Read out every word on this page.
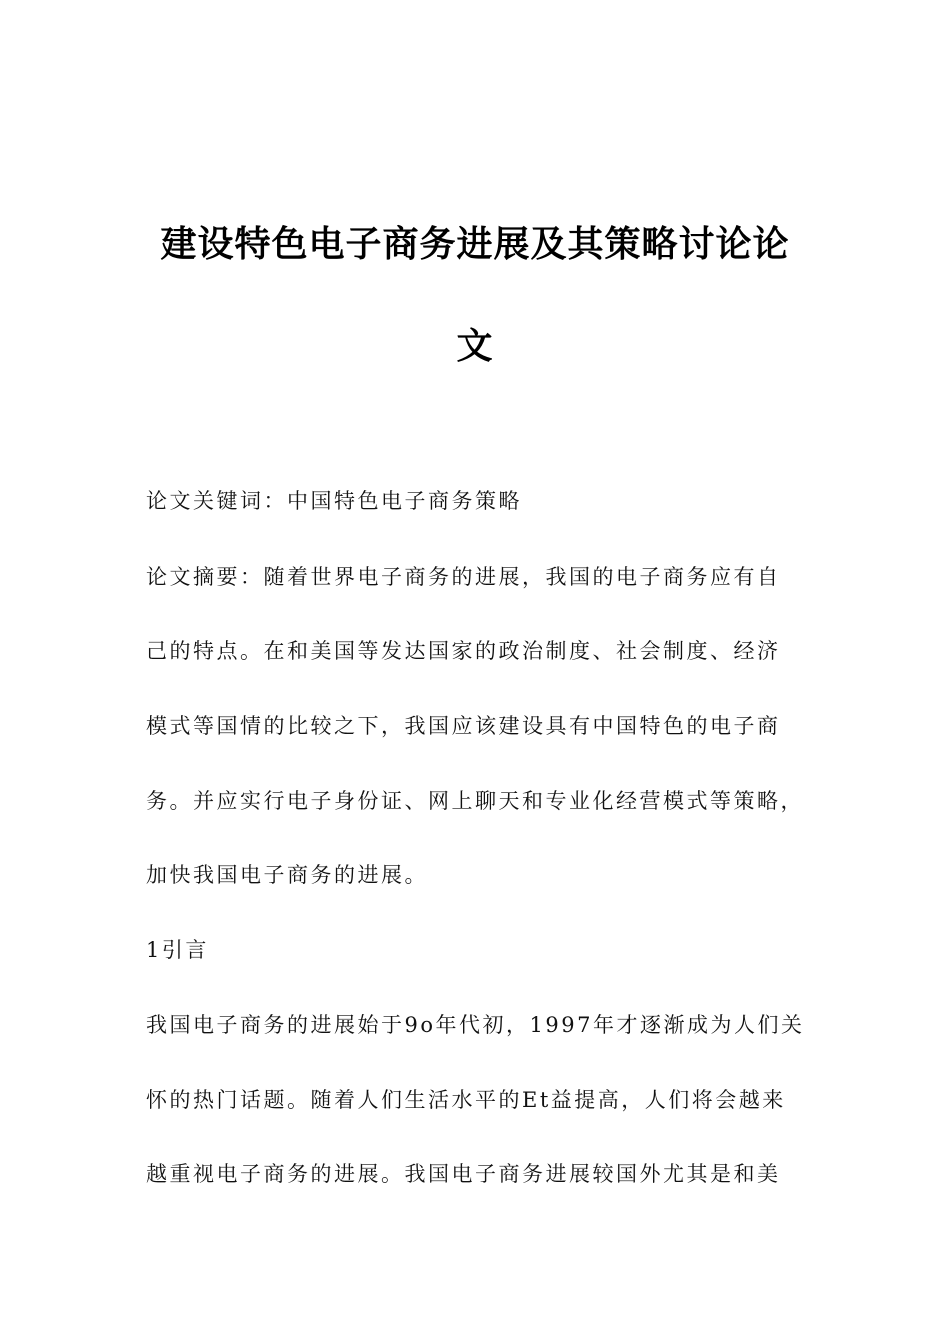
建设特色电子商务进展及其策略讨论论
文
论文关键词：中国特色电子商务策略
论文摘要：随着世界电子商务的进展，我国的电子商务应有自
己的特点。在和美国等发达国家的政治制度、社会制度、经济
模式等国情的比较之下，我国应该建设具有中国特色的电子商
务。并应实行电子身份证、网上聊天和专业化经营模式等策略，
加快我国电子商务的进展。
1引言
我国电子商务的进展始于9o年代初，1997年才逐渐成为人们关
怀的热门话题。随着人们生活水平的Et益提高，人们将会越来
越重视电子商务的进展。我国电子商务进展较国外尤其是和美
